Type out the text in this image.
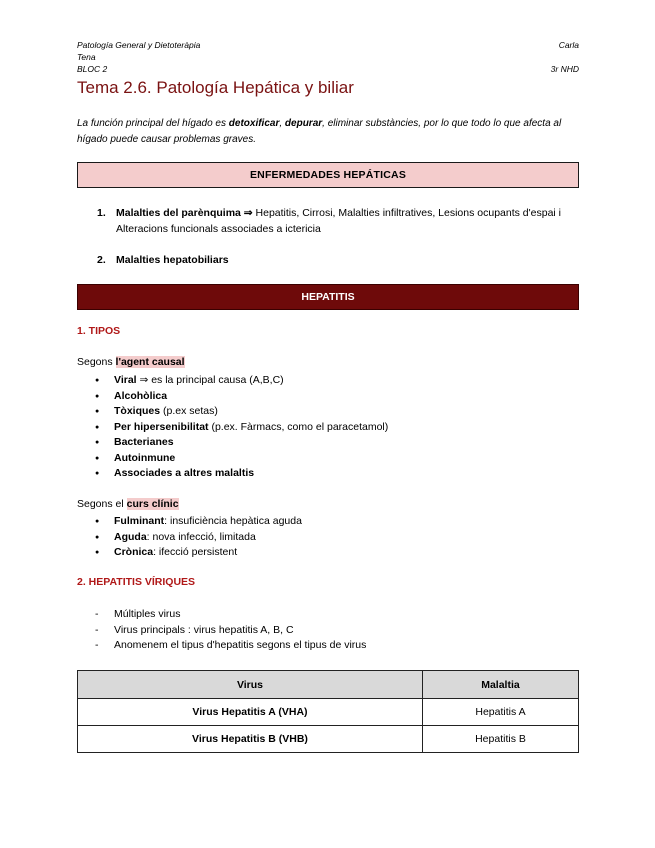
Patología General y Dietoteràpia	Carla
Tena
BLOC 2	3r NHD
Tema 2.6. Patología Hepática y biliar
La función principal del hígado es detoxificar, depurar, eliminar substàncies, por lo que todo lo que afecta al hígado puede causar problemas graves.
ENFERMEDADES HEPÁTICAS
1. Malalties del parènquima ⇒ Hepatitis, Cirrosi, Malalties infiltratives, Lesions ocupants d'espai i Alteracions funcionals associades a ictericia
2. Malalties hepatobiliars
HEPATITIS
1. TIPOS
Segons l'agent causal
● Viral ⇒ es la principal causa (A,B,C)
● Alcohòlica
● Tòxiques (p.ex setas)
● Per hipersenibilitat (p.ex. Fàrmacs, como el paracetamol)
● Bacterianes
● Autoinmune
● Associades a altres malaltis
Segons el curs clínic
● Fulminant: insuficiència hepàtica aguda
● Aguda: nova infecció, limitada
● Crònica: ifecció persistent
2. HEPATITIS VÍRIQUES
- Múltiples virus
- Virus principals : virus hepatitis A, B, C
- Anomenem el tipus d'hepatitis segons el tipus de virus
Virus	Malaltia
Virus Hepatitis A (VHA)	Hepatitis A
Virus Hepatitis B (VHB)	Hepatitis B
